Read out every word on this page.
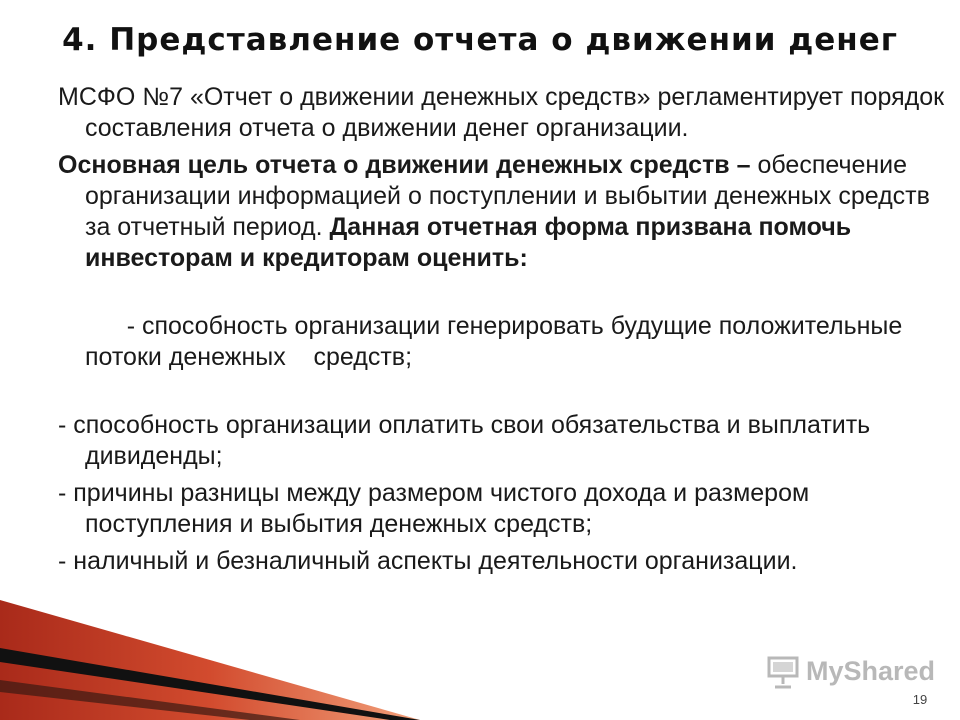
4. Представление отчета о движении денег

МСФО №7 «Отчет о движении денежных средств» регламентирует порядок составления отчета о движении денег организации.

Основная цель отчета о движении денежных средств – обеспечение организации информацией о поступлении и выбытии денежных средств за отчетный период. Данная отчетная форма призвана помочь инвесторам и кредиторам оценить:

- способность организации генерировать будущие положительные потоки денежных    средств;

- способность организации оплатить свои обязательства и выплатить дивиденды;

- причины разницы между размером чистого дохода и размером поступления и выбытия денежных средств;

- наличный и безналичный аспекты деятельности организации.

MyShared
19
